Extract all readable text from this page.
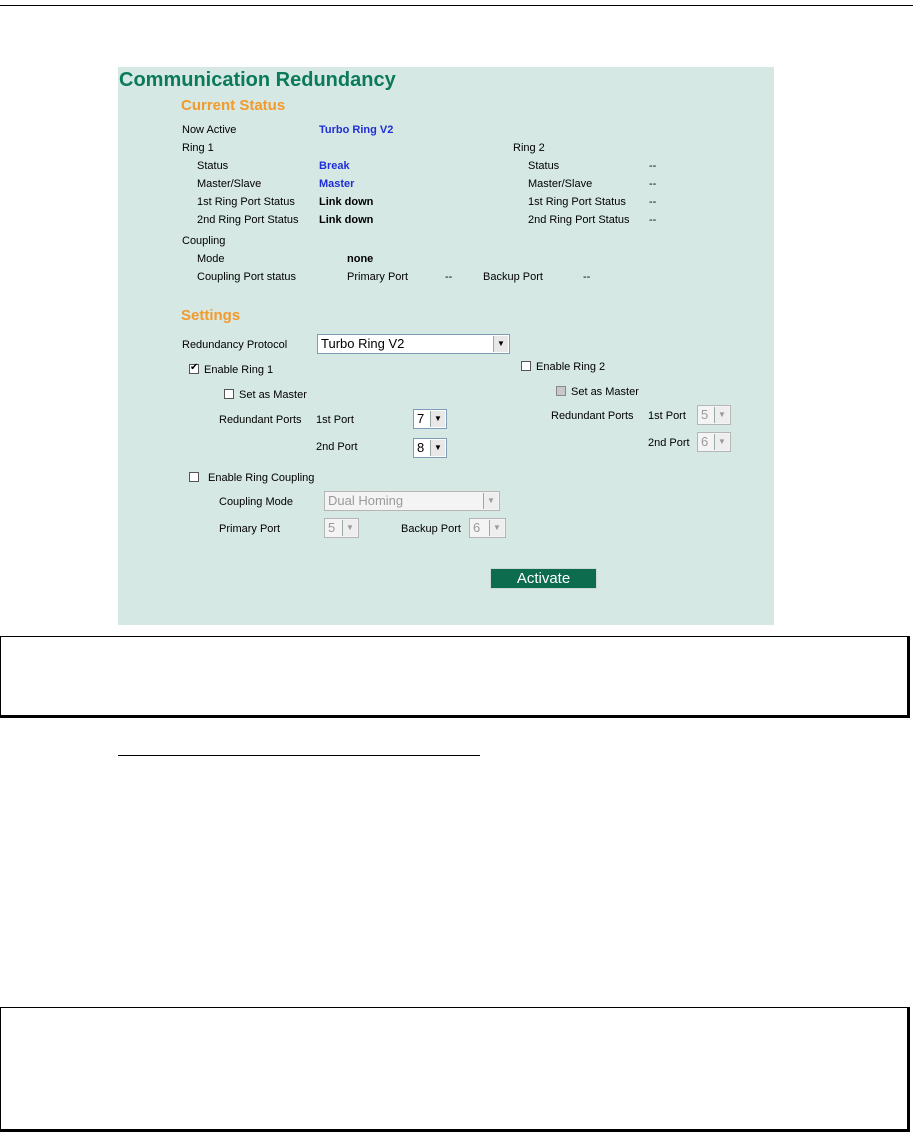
Communication Redundancy
Current Status
Now Active	Turbo Ring V2
Ring 1
Status	Break
Master/Slave	Master
1st Ring Port Status Link down
2nd Ring Port Status Link down
Ring 2
Status	--
Master/Slave	--
1st Ring Port Status --
2nd Ring Port Status --
Coupling
Mode	none
Coupling Port status	Primary Port	--	Backup Port	--
Settings
Redundancy Protocol	Turbo Ring V2	▼
✔
Enable Ring 1
Set as Master
Redundant Ports 1st Port	7	▼
2nd Port	8	▼
Enable Ring 2
Set as Master
Redundant Ports 1st Port	5	▼
2nd Port 6	▼
Enable Ring Coupling
Coupling Mode	Dual Homing	▼
Primary Port	5	▼	Backup Port 6	▼
Activate
